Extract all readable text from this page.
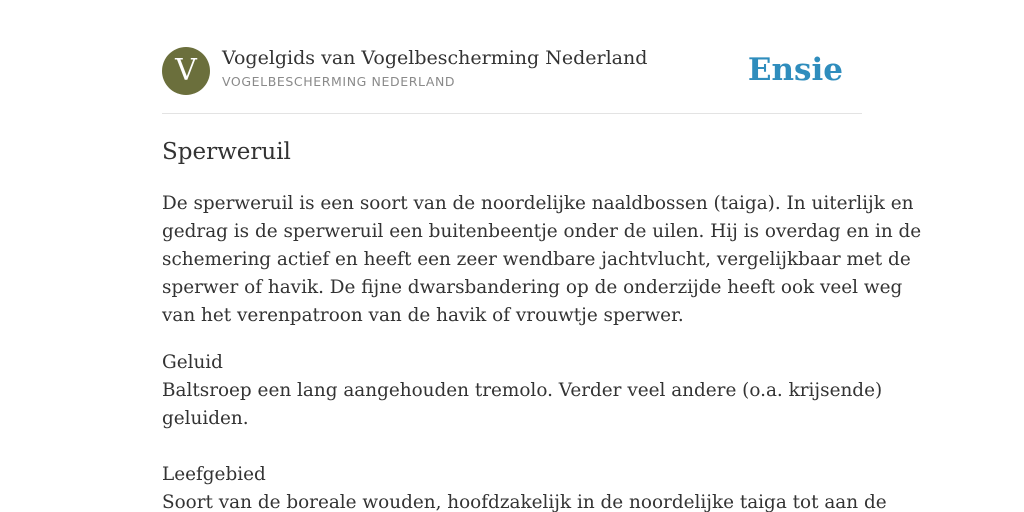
V	Vogelgids van Vogelbescherming Nederland
VOGELBESCHERMING NEDERLAND	Ensie
Sperweruil

De sperweruil is een soort van de noordelijke naaldbossen (taiga). In uiterlijk en
gedrag is de sperweruil een buitenbeentje onder de uilen. Hij is overdag en in de
schemering actief en heeft een zeer wendbare jachtvlucht, vergelijkbaar met de
sperwer of havik. De fijne dwarsbandering op de onderzijde heeft ook veel weg
van het verenpatroon van de havik of vrouwtje sperwer.

Geluid
Baltsroep een lang aangehouden tremolo. Verder veel andere (o.a. krijsende)
geluiden.

Leefgebied
Soort van de boreale wouden, hoofdzakelijk in de noordelijke taiga tot aan de
